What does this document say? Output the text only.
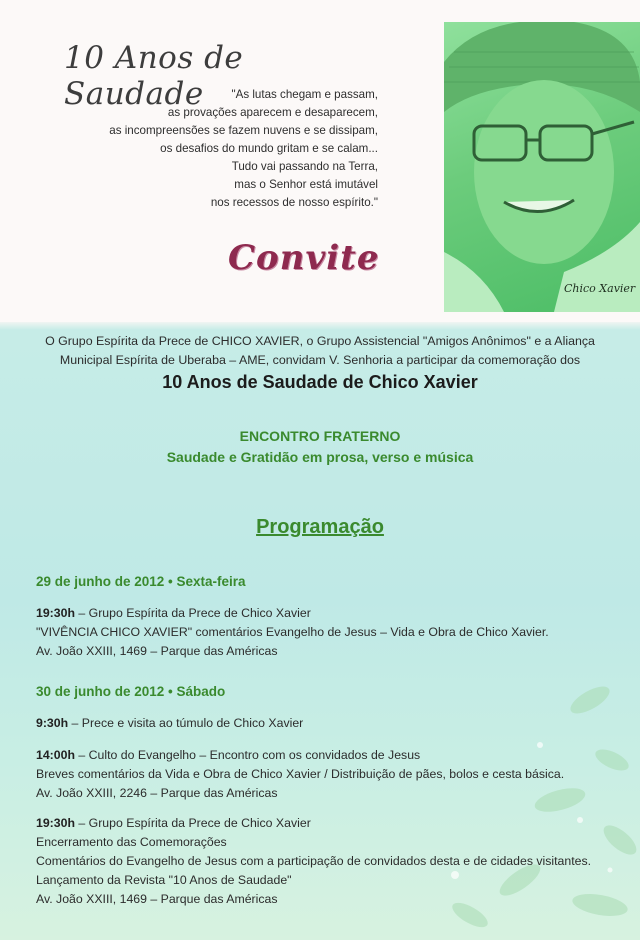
10 Anos de Saudade	"As lutas chegam e passam,
as provações aparecem e desaparecem,
as incompreensões se fazem nuvens e se dissipam,
os desafios do mundo gritam e se calam...
Tudo vai passando na Terra,
mas o Senhor está imutável
nos recessos de nosso espírito."
Convite
Chico Xavier
O Grupo Espírita da Prece de CHICO XAVIER, o Grupo Assistencial "Amigos Anônimos" e a Aliança
Municipal Espírita de Uberaba – AME, convidam V. Senhoria a participar da comemoração dos
10 Anos de Saudade de Chico Xavier
ENCONTRO FRATERNO
Saudade e Gratidão em prosa, verso e música
Programação
29 de junho de 2012 • Sexta-feira
19:30h – Grupo Espírita da Prece de Chico Xavier
"VIVÊNCIA CHICO XAVIER" comentários Evangelho de Jesus – Vida e Obra de Chico Xavier.
Av. João XXIII, 1469 – Parque das Américas
30 de junho de 2012 • Sábado
9:30h – Prece e visita ao túmulo de Chico Xavier
14:00h – Culto do Evangelho – Encontro com os convidados de Jesus
Breves comentários da Vida e Obra de Chico Xavier / Distribuição de pães, bolos e cesta básica.
Av. João XXIII, 2246 – Parque das Américas
19:30h – Grupo Espírita da Prece de Chico Xavier
Encerramento das Comemorações
Comentários do Evangelho de Jesus com a participação de convidados desta e de cidades visitantes.
Lançamento da Revista "10 Anos de Saudade"
Av. João XXIII, 1469 – Parque das Américas
